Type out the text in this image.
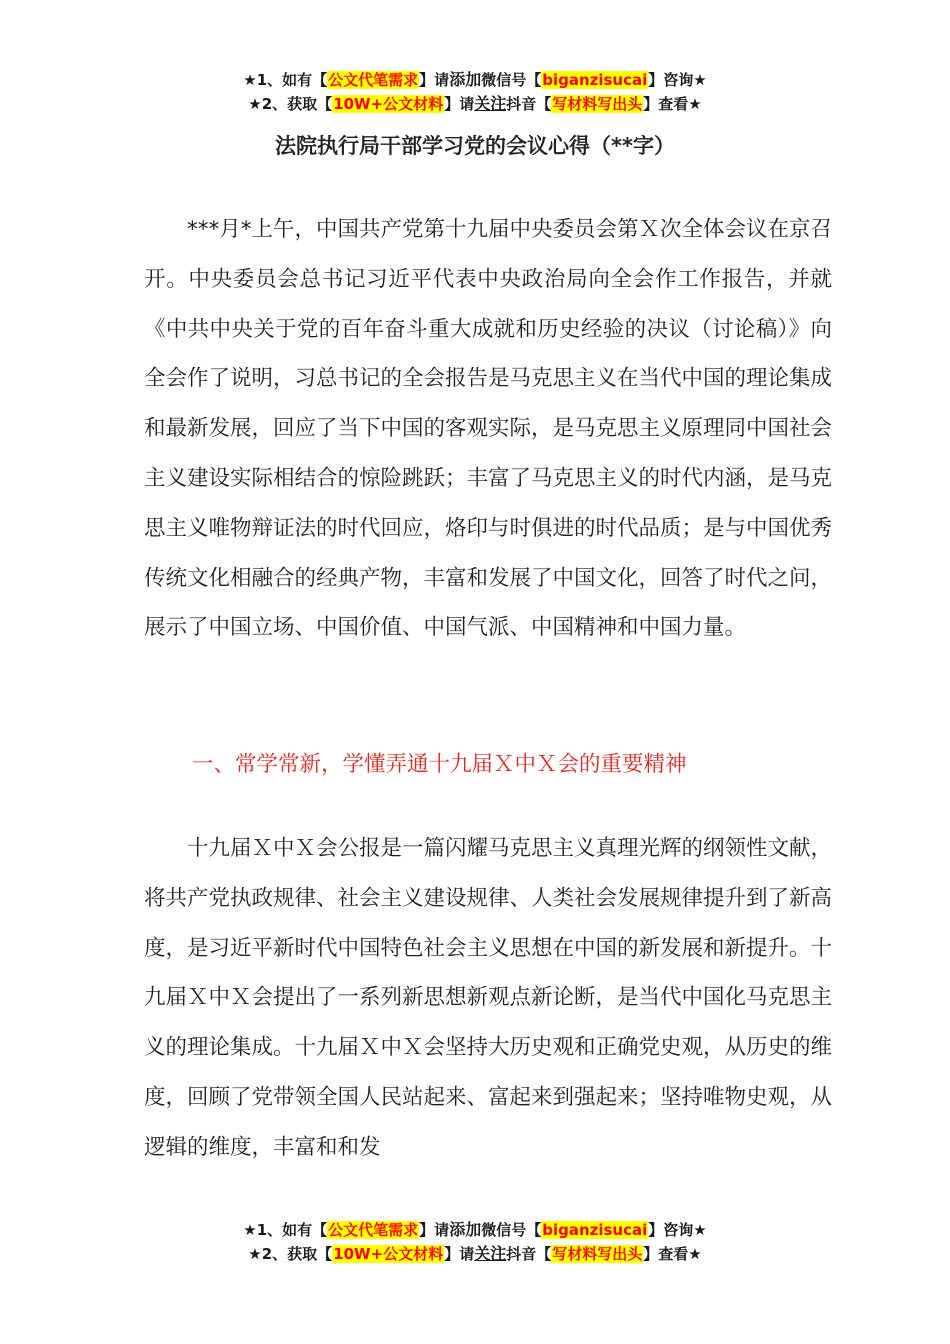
★1、如有【公文代笔需求】请添加微信号【biganzisucai】咨询★
★2、获取【10W+公文材料】请关注抖音【写材料写出头】查看★
法院执行局干部学习党的会议心得（**字）

***月*上午，中国共产党第十九届中央委员会第Ｘ次全体会议在京召开。中央委员会总书记习近平代表中央政治局向全会作工作报告，并就《中共中央关于党的百年奋斗重大成就和历史经验的决议（讨论稿）》向全会作了说明，习总书记的全会报告是马克思主义在当代中国的理论集成和最新发展，回应了当下中国的客观实际，是马克思主义原理同中国社会主义建设实际相结合的惊险跳跃；丰富了马克思主义的时代内涵，是马克思主义唯物辩证法的时代回应，烙印与时俱进的时代品质；是与中国优秀传统文化相融合的经典产物，丰富和发展了中国文化，回答了时代之问，展示了中国立场、中国价值、中国气派、中国精神和中国力量。

一、常学常新，学懂弄通十九届Ｘ中Ｘ会的重要精神

十九届Ｘ中Ｘ会公报是一篇闪耀马克思主义真理光辉的纲领性文献，将共产党执政规律、社会主义建设规律、人类社会发展规律提升到了新高度，是习近平新时代中国特色社会主义思想在中国的新发展和新提升。十九届Ｘ中Ｘ会提出了一系列新思想新观点新论断，是当代中国化马克思主义的理论集成。十九届Ｘ中Ｘ会坚持大历史观和正确党史观，从历史的维度，回顾了党带领全国人民站起来、富起来到强起来；坚持唯物史观，从逻辑的维度，丰富和和发

★1、如有【公文代笔需求】请添加微信号【biganzisucai】咨询★
★2、获取【10W+公文材料】请关注抖音【写材料写出头】查看★
